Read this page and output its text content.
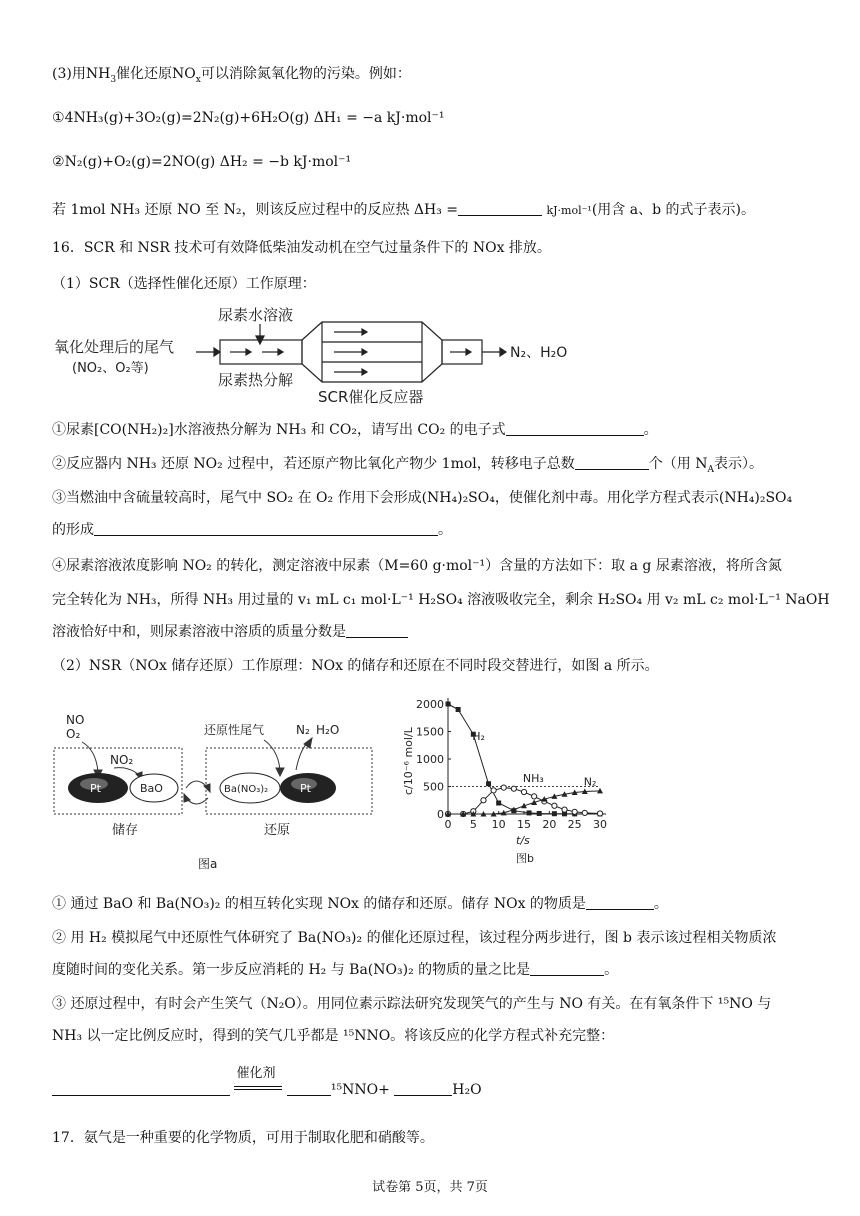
(3)用$NH_3$催化还原$NO_x$可以消除氮氧化物的污染。例如：
①4NH₃(g)+3O₂(g)=2N₂(g)+6H₂O(g) ΔH₁ = −a kJ·mol⁻¹
②N₂(g)+O₂(g)=2NO(g) ΔH₂ = −b kJ·mol⁻¹
若 1mol NH₃ 还原 NO 至 N₂，则该反应过程中的反应热 ΔH₃ =	kJ·mol⁻¹(用含 a、b 的式子表示)。
16．SCR 和 NSR 技术可有效降低柴油发动机在空气过量条件下的 NOx 排放。
（1）SCR（选择性催化还原）工作原理：
尿素水溶液
氧化处理后的尾气
(NO₂、O₂等)
尿素热分解
SCR催化反应器
N₂、H₂O
①尿素[CO(NH₂)₂]水溶液热分解为 NH₃ 和 CO₂，请写出 CO₂ 的电子式	。
②反应器内 NH₃ 还原 NO₂ 过程中，若还原产物比氧化产物少 1mol，转移电子总数	个（用 $N_A$表示）。
③当燃油中含硫量较高时，尾气中 SO₂ 在 O₂ 作用下会形成(NH₄)₂SO₄，使催化剂中毒。用化学方程式表示(NH₄)₂SO₄
的形成	。
④尿素溶液浓度影响 NO₂ 的转化，测定溶液中尿素（M=60 g·mol⁻¹）含量的方法如下：取 a g 尿素溶液，将所含氮
完全转化为 NH₃，所得 NH₃ 用过量的 v₁ mL c₁ mol·L⁻¹ H₂SO₄ 溶液吸收完全，剩余 H₂SO₄ 用 v₂ mL c₂ mol·L⁻¹ NaOH
溶液恰好中和，则尿素溶液中溶质的质量分数是
（2）NSR（NOx 储存还原）工作原理：NOx 的储存和还原在不同时段交替进行，如图 a 所示。
NO
O₂
NO₂
还原性尾气	N₂ H₂O
储存	还原
图a
Pt	BaO	Ba(NO₃)₂	Pt
0 5 10 15 20 25 30
0
500
1000
1500
2000
t/s
c/10⁻⁶ mol/L	H₂
NH₃	N₂
图b
① 通过 BaO 和 Ba(NO₃)₂ 的相互转化实现 NOx 的储存和还原。储存 NOx 的物质是	。
② 用 H₂ 模拟尾气中还原性气体研究了 Ba(NO₃)₂ 的催化还原过程，该过程分两步进行，图 b 表示该过程相关物质浓
度随时间的变化关系。第一步反应消耗的 H₂ 与 Ba(NO₃)₂ 的物质的量之比是	。
③ 还原过程中，有时会产生笑气（N₂O）。用同位素示踪法研究发现笑气的产生与 NO 有关。在有氧条件下 ¹⁵NO 与
NH₃ 以一定比例反应时，得到的笑气几乎都是 ¹⁵NNO。将该反应的化学方程式补充完整：

催化剂
¹⁵NNO+	H₂O
17．氨气是一种重要的化学物质，可用于制取化肥和硝酸等。
试卷第 5页，共 7页
